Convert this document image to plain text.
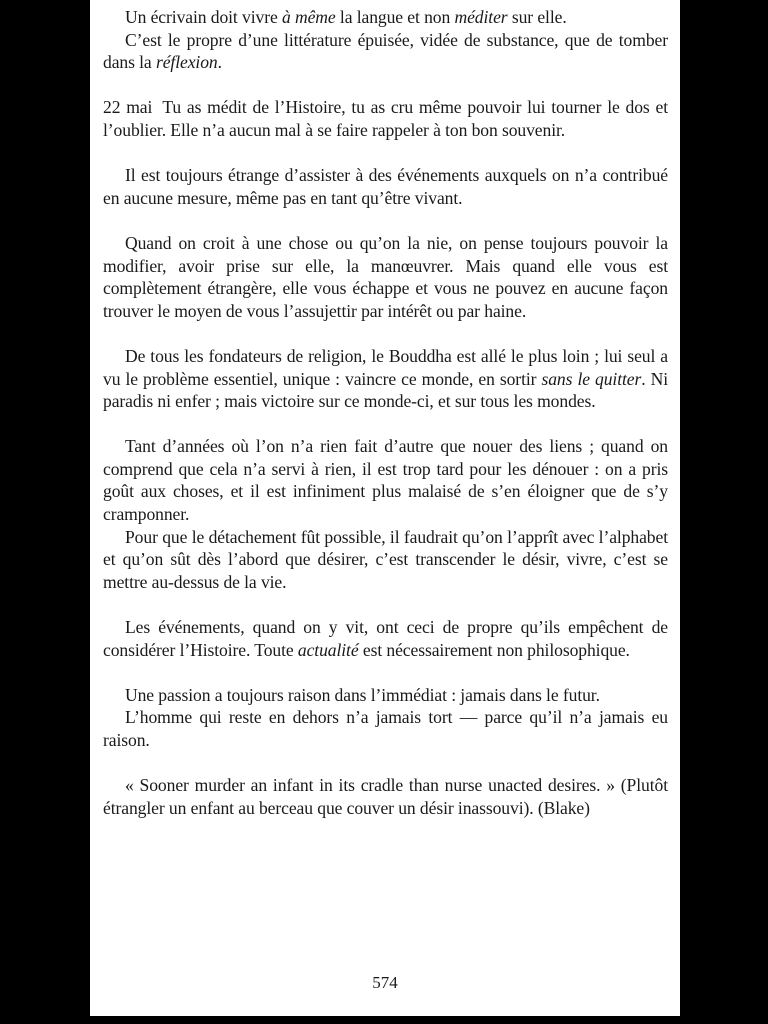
Un écrivain doit vivre à même la langue et non méditer sur elle.

C’est le propre d’une littérature épuisée, vidée de substance, que de tomber dans la réflexion.

22 mai Tu as médit de l’Histoire, tu as cru même pouvoir lui tourner le dos et l’oublier. Elle n’a aucun mal à se faire rappeler à ton bon souvenir.

Il est toujours étrange d’assister à des événements auxquels on n’a contribué en aucune mesure, même pas en tant qu’être vivant.

Quand on croit à une chose ou qu’on la nie, on pense toujours pouvoir la modifier, avoir prise sur elle, la manœuvrer. Mais quand elle vous est complètement étrangère, elle vous échappe et vous ne pouvez en aucune façon trouver le moyen de vous l’assujettir par intérêt ou par haine.

De tous les fondateurs de religion, le Bouddha est allé le plus loin ; lui seul a vu le problème essentiel, unique : vaincre ce monde, en sortir sans le quitter. Ni paradis ni enfer ; mais victoire sur ce monde-ci, et sur tous les mondes.

Tant d’années où l’on n’a rien fait d’autre que nouer des liens ; quand on comprend que cela n’a servi à rien, il est trop tard pour les dénouer : on a pris goût aux choses, et il est infiniment plus malaisé de s’en éloigner que de s’y cramponner.

Pour que le détachement fût possible, il faudrait qu’on l’apprît avec l’alphabet et qu’on sût dès l’abord que désirer, c’est transcender le désir, vivre, c’est se mettre au-dessus de la vie.

Les événements, quand on y vit, ont ceci de propre qu’ils empêchent de considérer l’Histoire. Toute actualité est nécessairement non philosophique.

Une passion a toujours raison dans l’immédiat : jamais dans le futur.

L’homme qui reste en dehors n’a jamais tort — parce qu’il n’a jamais eu raison.

« Sooner murder an infant in its cradle than nurse unacted desires. » (Plutôt étrangler un enfant au berceau que couver un désir inassouvi). (Blake)

574
